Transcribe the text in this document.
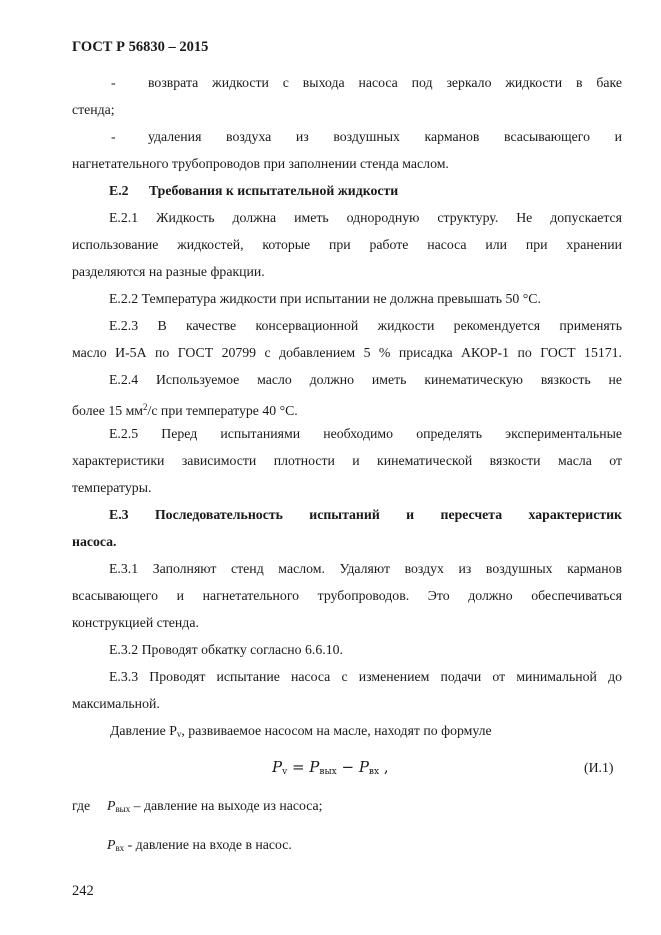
ГОСТ Р 56830 – 2015
- возврата жидкости с выхода насоса под зеркало жидкости в баке
стенда;
- удаления воздуха из воздушных карманов всасывающего и
нагнетательного трубопроводов при заполнении стенда маслом.
Е.2 Требования к испытательной жидкости
Е.2.1 Жидкость должна иметь однородную структуру. Не допускается
использование жидкостей, которые при работе насоса или при хранении
разделяются на разные фракции.
Е.2.2 Температура жидкости при испытании не должна превышать 50 °С.
Е.2.3 В качестве консервационной жидкости рекомендуется применять
масло И-5А по ГОСТ 20799 с добавлением 5 % присадка АКОР-1 по ГОСТ 15171.
Е.2.4 Используемое масло должно иметь кинематическую вязкость не
более 15 $мм^2/с$ при температуре 40 °С.
Е.2.5 Перед испытаниями необходимо определять экспериментальные
характеристики зависимости плотности и кинематической вязкости масла от
температуры.
Е.3 Последовательность испытаний и пересчета характеристик
насоса.
Е.3.1 Заполняют стенд маслом. Удаляют воздух из воздушных карманов
всасывающего и нагнетательного трубопроводов. Это должно обеспечиваться
конструкцией стенда.
Е.3.2 Проводят обкатку согласно 6.6.10.
Е.3.3 Проводят испытание насоса с изменением подачи от минимальной до
максимальной.
Давление Pv, развиваемое насосом на масле, находят по формуле
$P_v = P_{вых} - P_{вх}$ ,	(И.1)
где Pвых – давление на выходе из насоса;
Pвх - давление на входе в насос.
242
